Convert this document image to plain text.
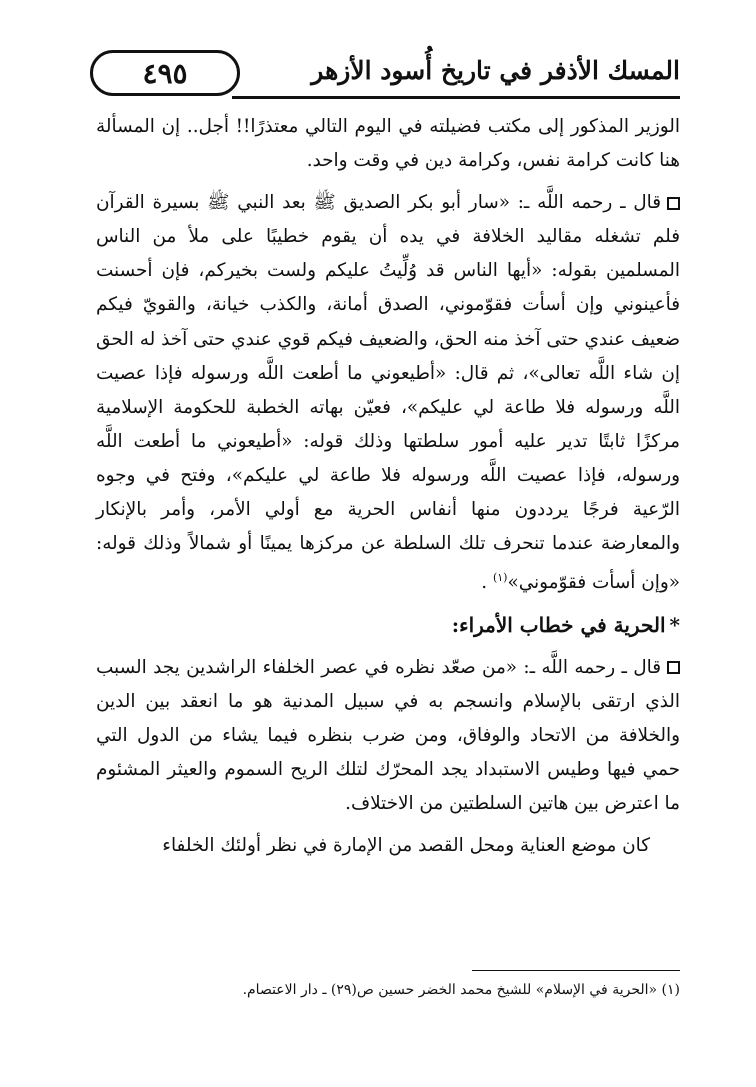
٤٩٥	المسك الأذفر في تاريخ أُسود الأزهر

الوزير المذكور إلى مكتب فضيلته في اليوم التالي معتذرًا!! أجل.. إن المسألة هنا كانت كرامة نفس، وكرامة دين في وقت واحد.

قال ـ رحمه اللَّه ـ: «سار أبو بكر الصديق ﷺ بعد النبي ﷺ بسيرة القرآن فلم تشغله مقاليد الخلافة في يده أن يقوم خطيبًا على ملأ من الناس المسلمين بقوله: «أيها الناس قد وُلِّيتُ عليكم ولست بخيركم، فإن أحسنت فأعينوني وإن أسأت فقوّموني، الصدق أمانة، والكذب خيانة، والقويّ فيكم ضعيف عندي حتى آخذ منه الحق، والضعيف فيكم قوي عندي حتى آخذ له الحق إن شاء اللَّه تعالى»، ثم قال: «أطيعوني ما أطعت اللَّه ورسوله فإذا عصيت اللَّه ورسوله فلا طاعة لي عليكم»، فعيّن بهاته الخطبة للحكومة الإسلامية مركزًا ثابتًا تدير عليه أمور سلطتها وذلك قوله: «أطيعوني ما أطعت اللَّه ورسوله، فإذا عصيت اللَّه ورسوله فلا طاعة لي عليكم»، وفتح في وجوه الرّعية فرجًا يرددون منها أنفاس الحرية مع أولي الأمر، وأمر بالإنكار والمعارضة عندما تنحرف تلك السلطة عن مركزها يمينًا أو شمالاً وذلك قوله: «وإن أسأت فقوّموني»$^{(١)}$ .

*الحرية في خطاب الأمراء:

قال ـ رحمه اللَّه ـ: «من صعّد نظره في عصر الخلفاء الراشدين يجد السبب الذي ارتقى بالإسلام وانسجم به في سبيل المدنية هو ما انعقد بين الدين والخلافة من الاتحاد والوفاق، ومن ضرب بنظره فيما يشاء من الدول التي حمي فيها وطيس الاستبداد يجد المحرّك لتلك الريح السموم والعيثر المشئوم ما اعترض بين هاتين السلطتين من الاختلاف.

كان موضع العناية ومحل القصد من الإمارة في نظر أولئك الخلفاء

(١) «الحرية في الإسلام» للشيخ محمد الخضر حسين ص(٢٩) ـ دار الاعتصام.
